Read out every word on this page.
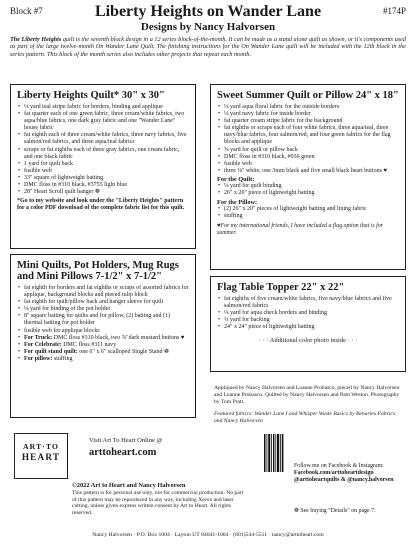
Block #7	Liberty Heights on Wander Lane	#174P
Designs by Nancy Halvorsen
The Liberty Heights quilt is the seventh block design in a 12 series block-of-the-month. It can be made as a stand alone quilt as shown, or it's components used as part of the large twelve-month On Wander Lane Quilt. The finishing instructions for the On Wander Lane quilt will be included with the 12th block in the series pattern. This block of the month series also includes other projects that repeat each month.
Liberty Heights Quilt* 30" x 30"
• ⅛ yard teal stripe fabric for borders, binding and applique
• fat quarter each of one green fabric, three cream/white fabrics, two aqua/blue fabrics, one dark gray fabric and one "Wander Lane" house fabric
• fat eighth each of three cream/white fabrics, three navy fabrics, five salmon/red fabrics, and three aqua/teal fabrics
• scraps or fat eighths each of three gray fabrics, one cream fabric, and one black fabric
• 1 yard for quilt back
• fusible web
• 33" square of lightweight batting
• DMC floss in #310 black, #3755 light blue
• 28" Heart Scroll quilt hanger ❁
*Go to my website and look under the "Liberty Heights" pattern for a color PDF download of the complete fabric list for this quilt.
Sweet Summer Quilt or Pillow 24" x 18"
• ⅛ yard aqua floral fabric for the outside borders
• ⅛ yard navy fabric for inside border
• fat quarter cream stripe fabric for the background
• fat eighths or scraps each of four white fabrics, three aqua/teal, three navy/blue fabrics, four salmon/red, and four green fabrics for the flag blocks and applique
• ⅝ yard for quilt or pillow back
• DMC floss in #310 black, #936 green
• fusible web
• three ⅛" white, one 3mm black and five small black heart buttons ♥
For the Quilt:
• ⅛ yard for quilt binding
• 26" x 20" piece of lightweight batting
For the Pillow:
• (2) 26" x 20" pieces of lightweight batting and lining fabric
• stuffing
♥For my international friends, I have included a flag option that is for summer.
Mini Quilts, Pot Holders, Mug Rugs and Mini Pillows 7-1/2" x 7-1/2"
• fat eighth for borders and fat eighths or scraps of assorted fabrics for applique, background blocks and pieced tulip block
• fat eighth for quilt/pillow back and hanger sleeve for quilt
• ⅛ yard for binding of the pot holder
• 8" square batting for quilts and for pillow, (2) batting and (1) thermal batting for pot holder
• fusible web for applique blocks
• For Truck: DMC floss #310 black, two ⅞"dark mustard buttons ♥
• For Celebrate: DMC floss #311 navy
• For quilt stand quilt: one 6" x 6" scalloped Single Stand ❁
• For pillow: stuffing
Flag Table Topper 22" x 22"
• fat eighths of five cream/white fabrics, five navy/blue fabrics and five salmon/red fabrics
• ⅛ yard for aqua check borders and binding
• ⅔ yard for backing
• 24" x 24" piece of lightweight batting
· · · Additional color photo inside · · ·
Appliqued by Nancy Halvorsen and Luanne Probasco, pieced by Nancy Halvorsen and Luanne Probasco, Quilted by Nancy Halvorsen and Pam Weston. Photography by Tom Pratt.
Featured fabrics: Wander Lane I and Whisper Waste Basics by Benartex Fabrics and Nancy Halvorsen
ART·TO
HEART
Visit Art To Heart Online @
arttoheart.com
©2022 Art to Heart and Nancy Halvorsen
This pattern is for personal use only, not for commercial production. No part of this pattern may be reproduced in any way, including Xerox and laser cutting, unless given express written consent by Art to Heart. All rights reserved.
Follow me on Facebook & Instagram:
Facebook.com/arttoheartdesign
@arttoheartquilts & @nancy.halvorsen
❁ See buying "Details" on page 7.
Nancy Halvorsen · P.O. Box 1004 · Layton UT 84041-1004 · (801)544-5511 · nancy@arttoheart.com
